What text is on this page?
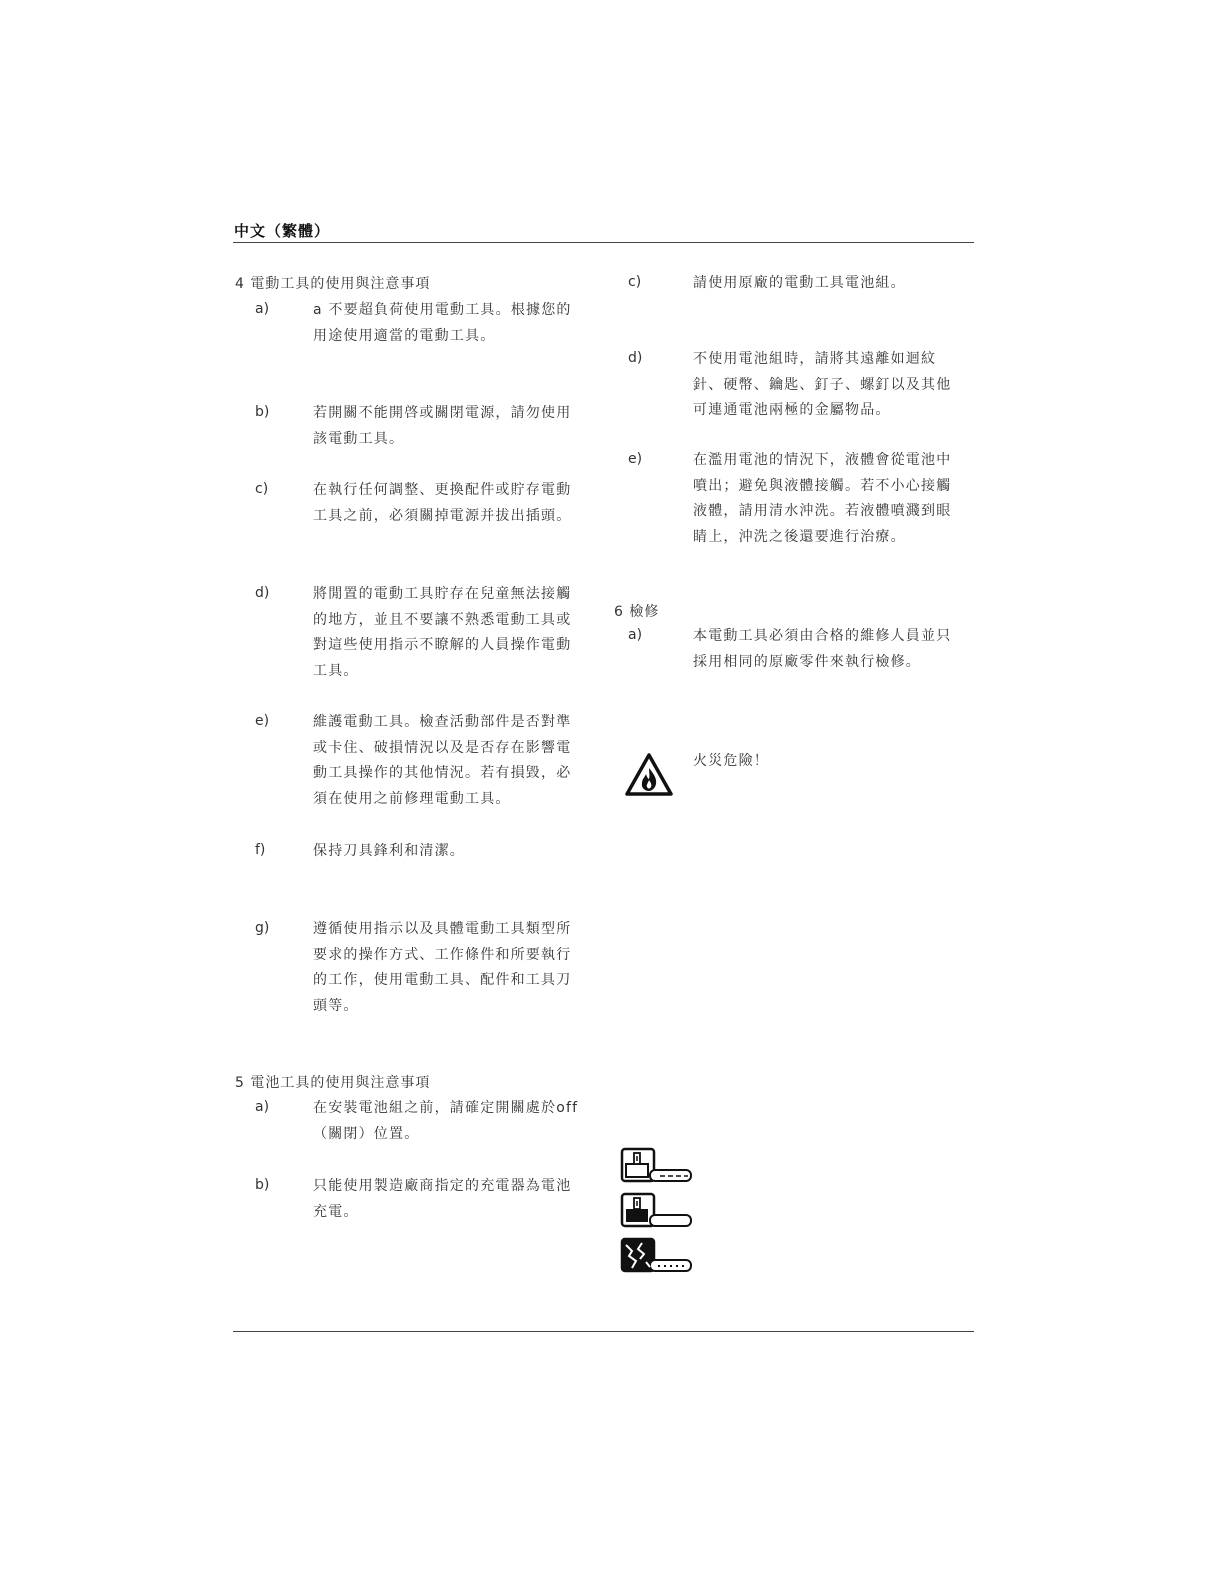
中文（繁體）
4 電動工具的使用與注意事項
a)	a 不要超負荷使用電動工具。根據您的用途使用適當的電動工具。
b)	若開關不能開啓或關閉電源，請勿使用該電動工具。
c)	在執行任何調整、更換配件或貯存電動工具之前，必須關掉電源并拔出插頭。
d)	將閒置的電動工具貯存在兒童無法接觸的地方，並且不要讓不熟悉電動工具或對這些使用指示不瞭解的人員操作電動工具。
e)	維護電動工具。檢查活動部件是否對準或卡住、破損情況以及是否存在影響電動工具操作的其他情況。若有損毀，必須在使用之前修理電動工具。
f)	保持刀具鋒利和清潔。
g)	遵循使用指示以及具體電動工具類型所要求的操作方式、工作條件和所要執行的工作，使用電動工具、配件和工具刀頭等。
5 電池工具的使用與注意事項
a)	在安裝電池組之前，請確定開關處於off（關閉）位置。
b)	只能使用製造廠商指定的充電器為電池充電。
c)	請使用原廠的電動工具電池組。
d)	不使用電池組時，請將其遠離如迴紋針、硬幣、鑰匙、釘子、螺釘以及其他可連通電池兩極的金屬物品。
e)	在濫用電池的情況下，液體會從電池中噴出；避免與液體接觸。若不小心接觸液體，請用清水沖洗。若液體噴濺到眼睛上，沖洗之後還要進行治療。
6 檢修
a)	本電動工具必須由合格的維修人員並只採用相同的原廠零件來執行檢修。
火災危險！
